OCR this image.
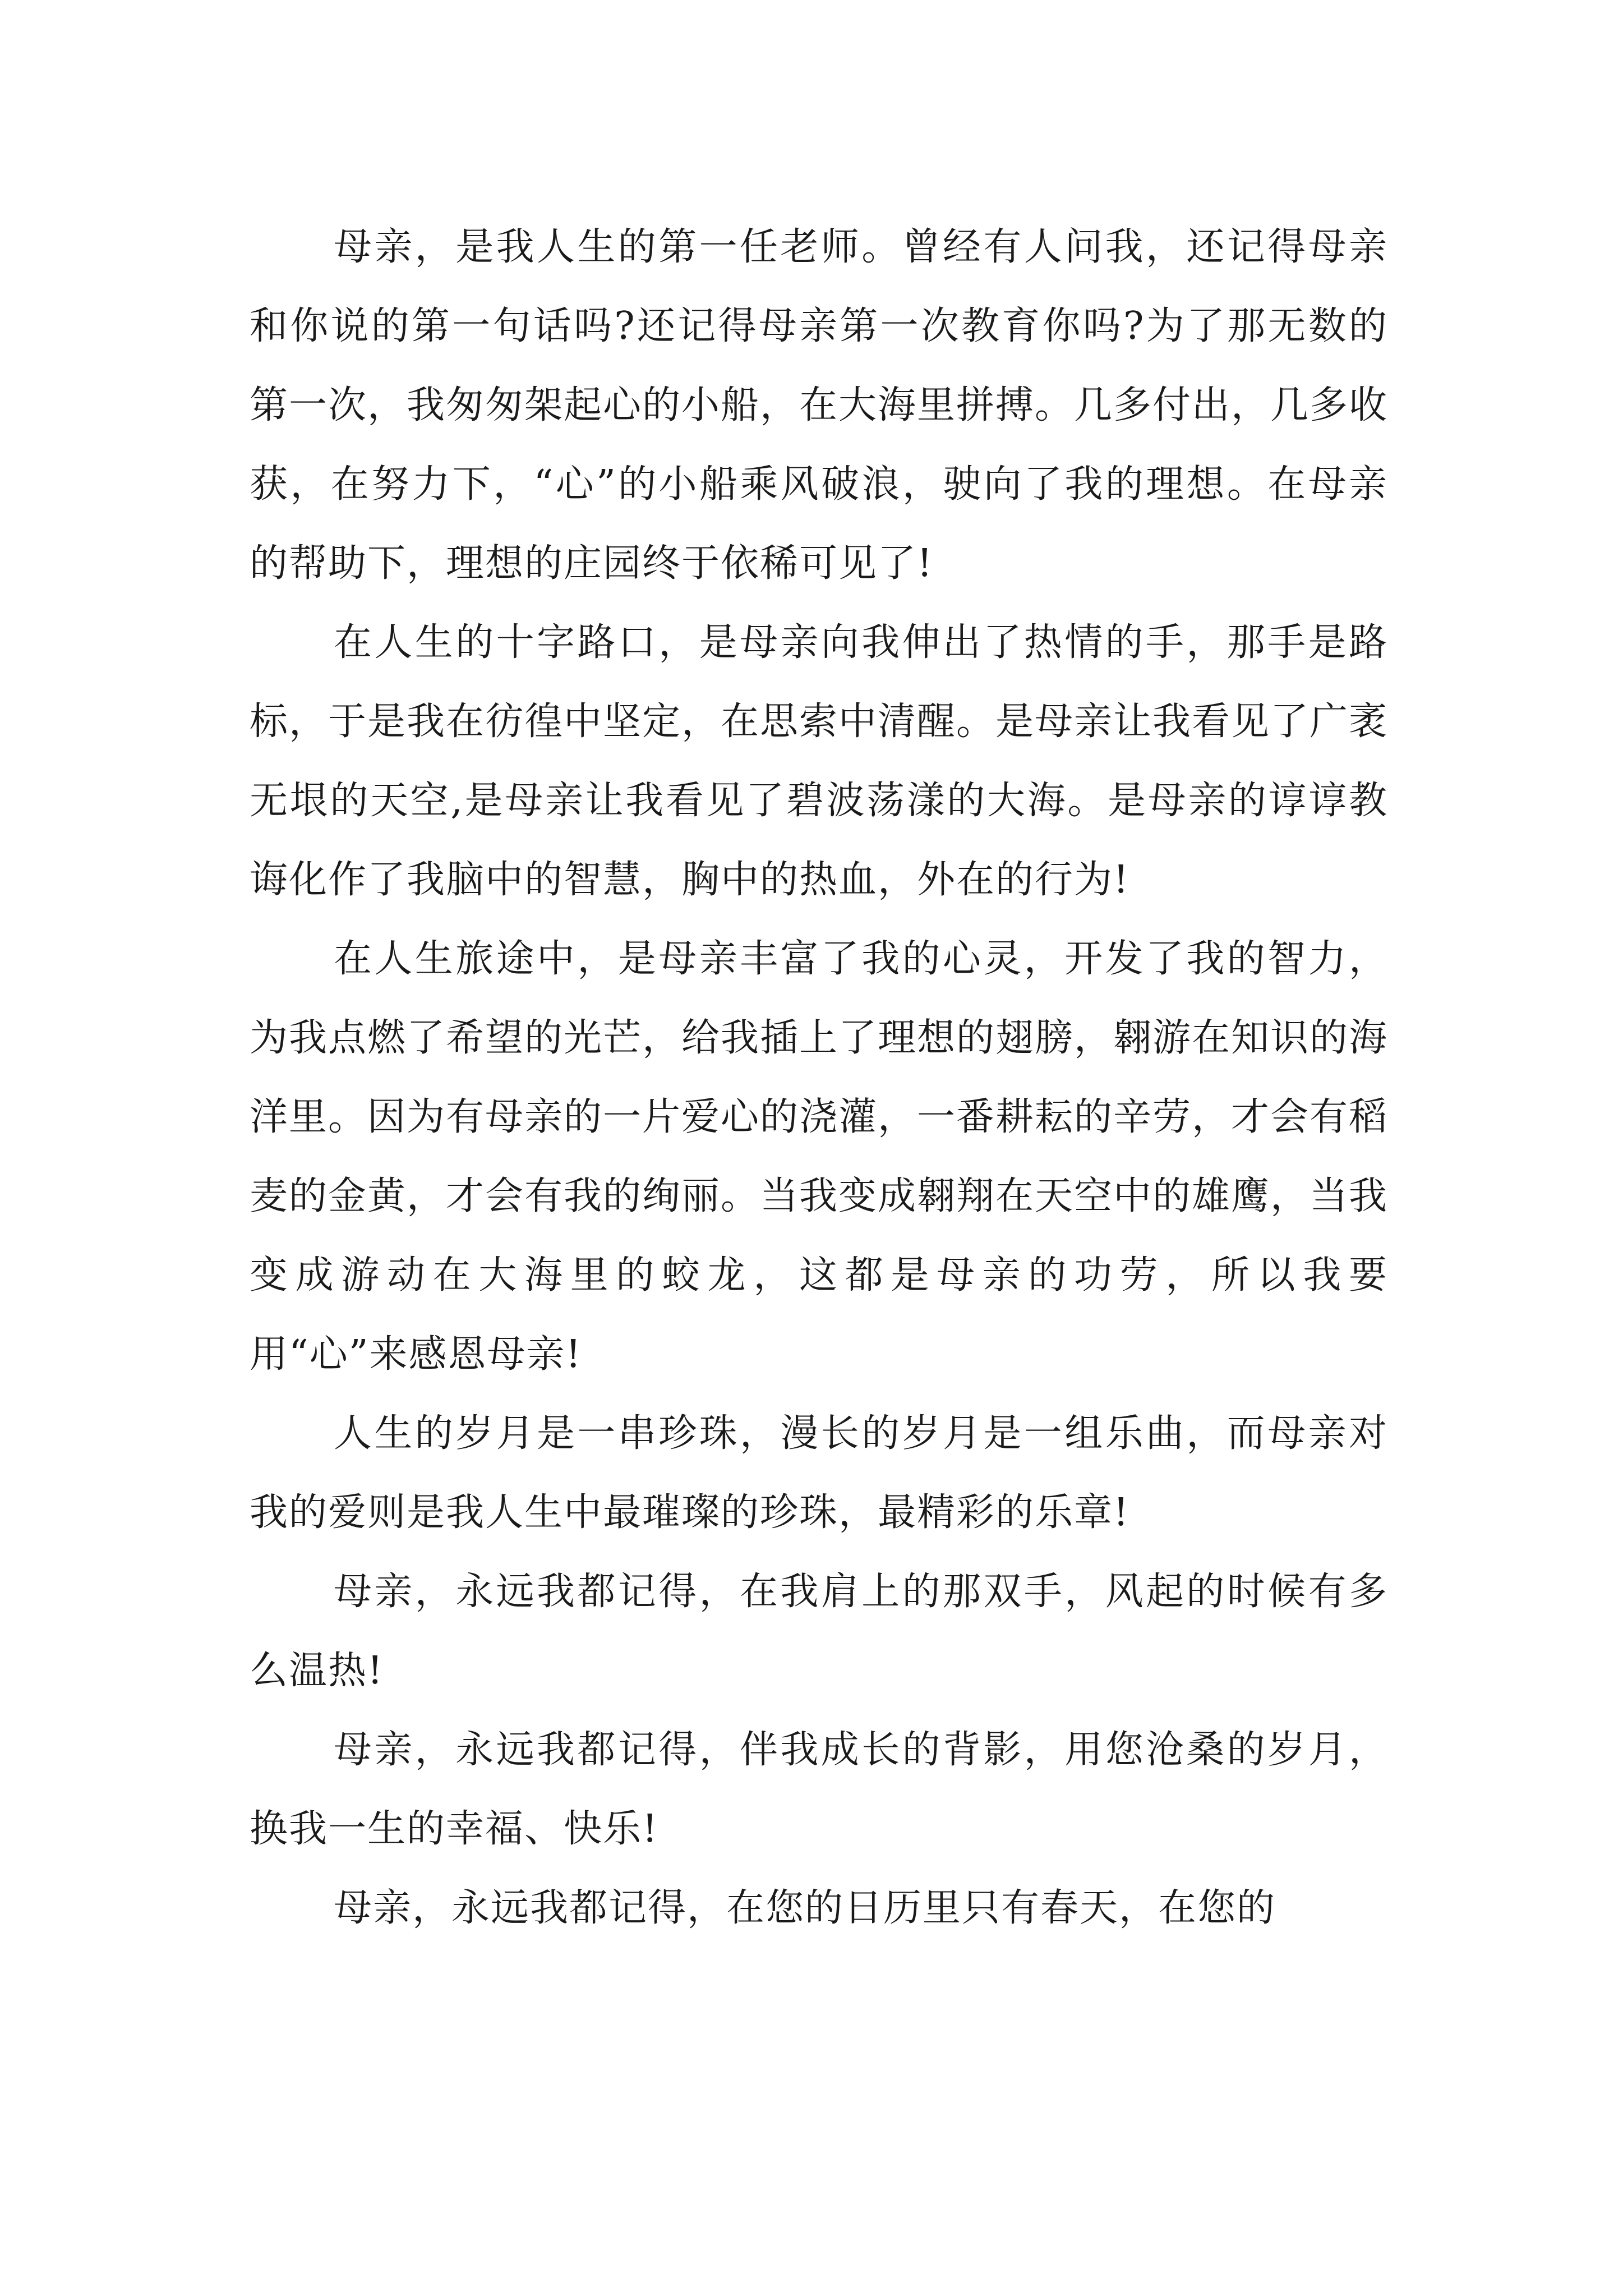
母亲，是我人生的第一任老师。曾经有人问我，还记得母亲和你说的第一句话吗?还记得母亲第一次教育你吗?为了那无数的第一次，我匆匆架起心的小船，在大海里拼搏。几多付出，几多收获，在努力下，“心”的小船乘风破浪，驶向了我的理想。在母亲的帮助下，理想的庄园终于依稀可见了!

在人生的十字路口，是母亲向我伸出了热情的手，那手是路标，于是我在彷徨中坚定，在思索中清醒。是母亲让我看见了广袤无垠的天空,是母亲让我看见了碧波荡漾的大海。是母亲的谆谆教诲化作了我脑中的智慧，胸中的热血，外在的行为!

在人生旅途中，是母亲丰富了我的心灵，开发了我的智力，为我点燃了希望的光芒，给我插上了理想的翅膀，翱游在知识的海洋里。因为有母亲的一片爱心的浇灌，一番耕耘的辛劳，才会有稻麦的金黄，才会有我的绚丽。当我变成翱翔在天空中的雄鹰，当我变成游动在大海里的蛟龙，这都是母亲的功劳，所以我要用“心”来感恩母亲!

人生的岁月是一串珍珠，漫长的岁月是一组乐曲，而母亲对我的爱则是我人生中最璀璨的珍珠，最精彩的乐章!

母亲，永远我都记得，在我肩上的那双手，风起的时候有多么温热!

母亲，永远我都记得，伴我成长的背影，用您沧桑的岁月，换我一生的幸福、快乐!

母亲，永远我都记得，在您的日历里只有春天，在您的
